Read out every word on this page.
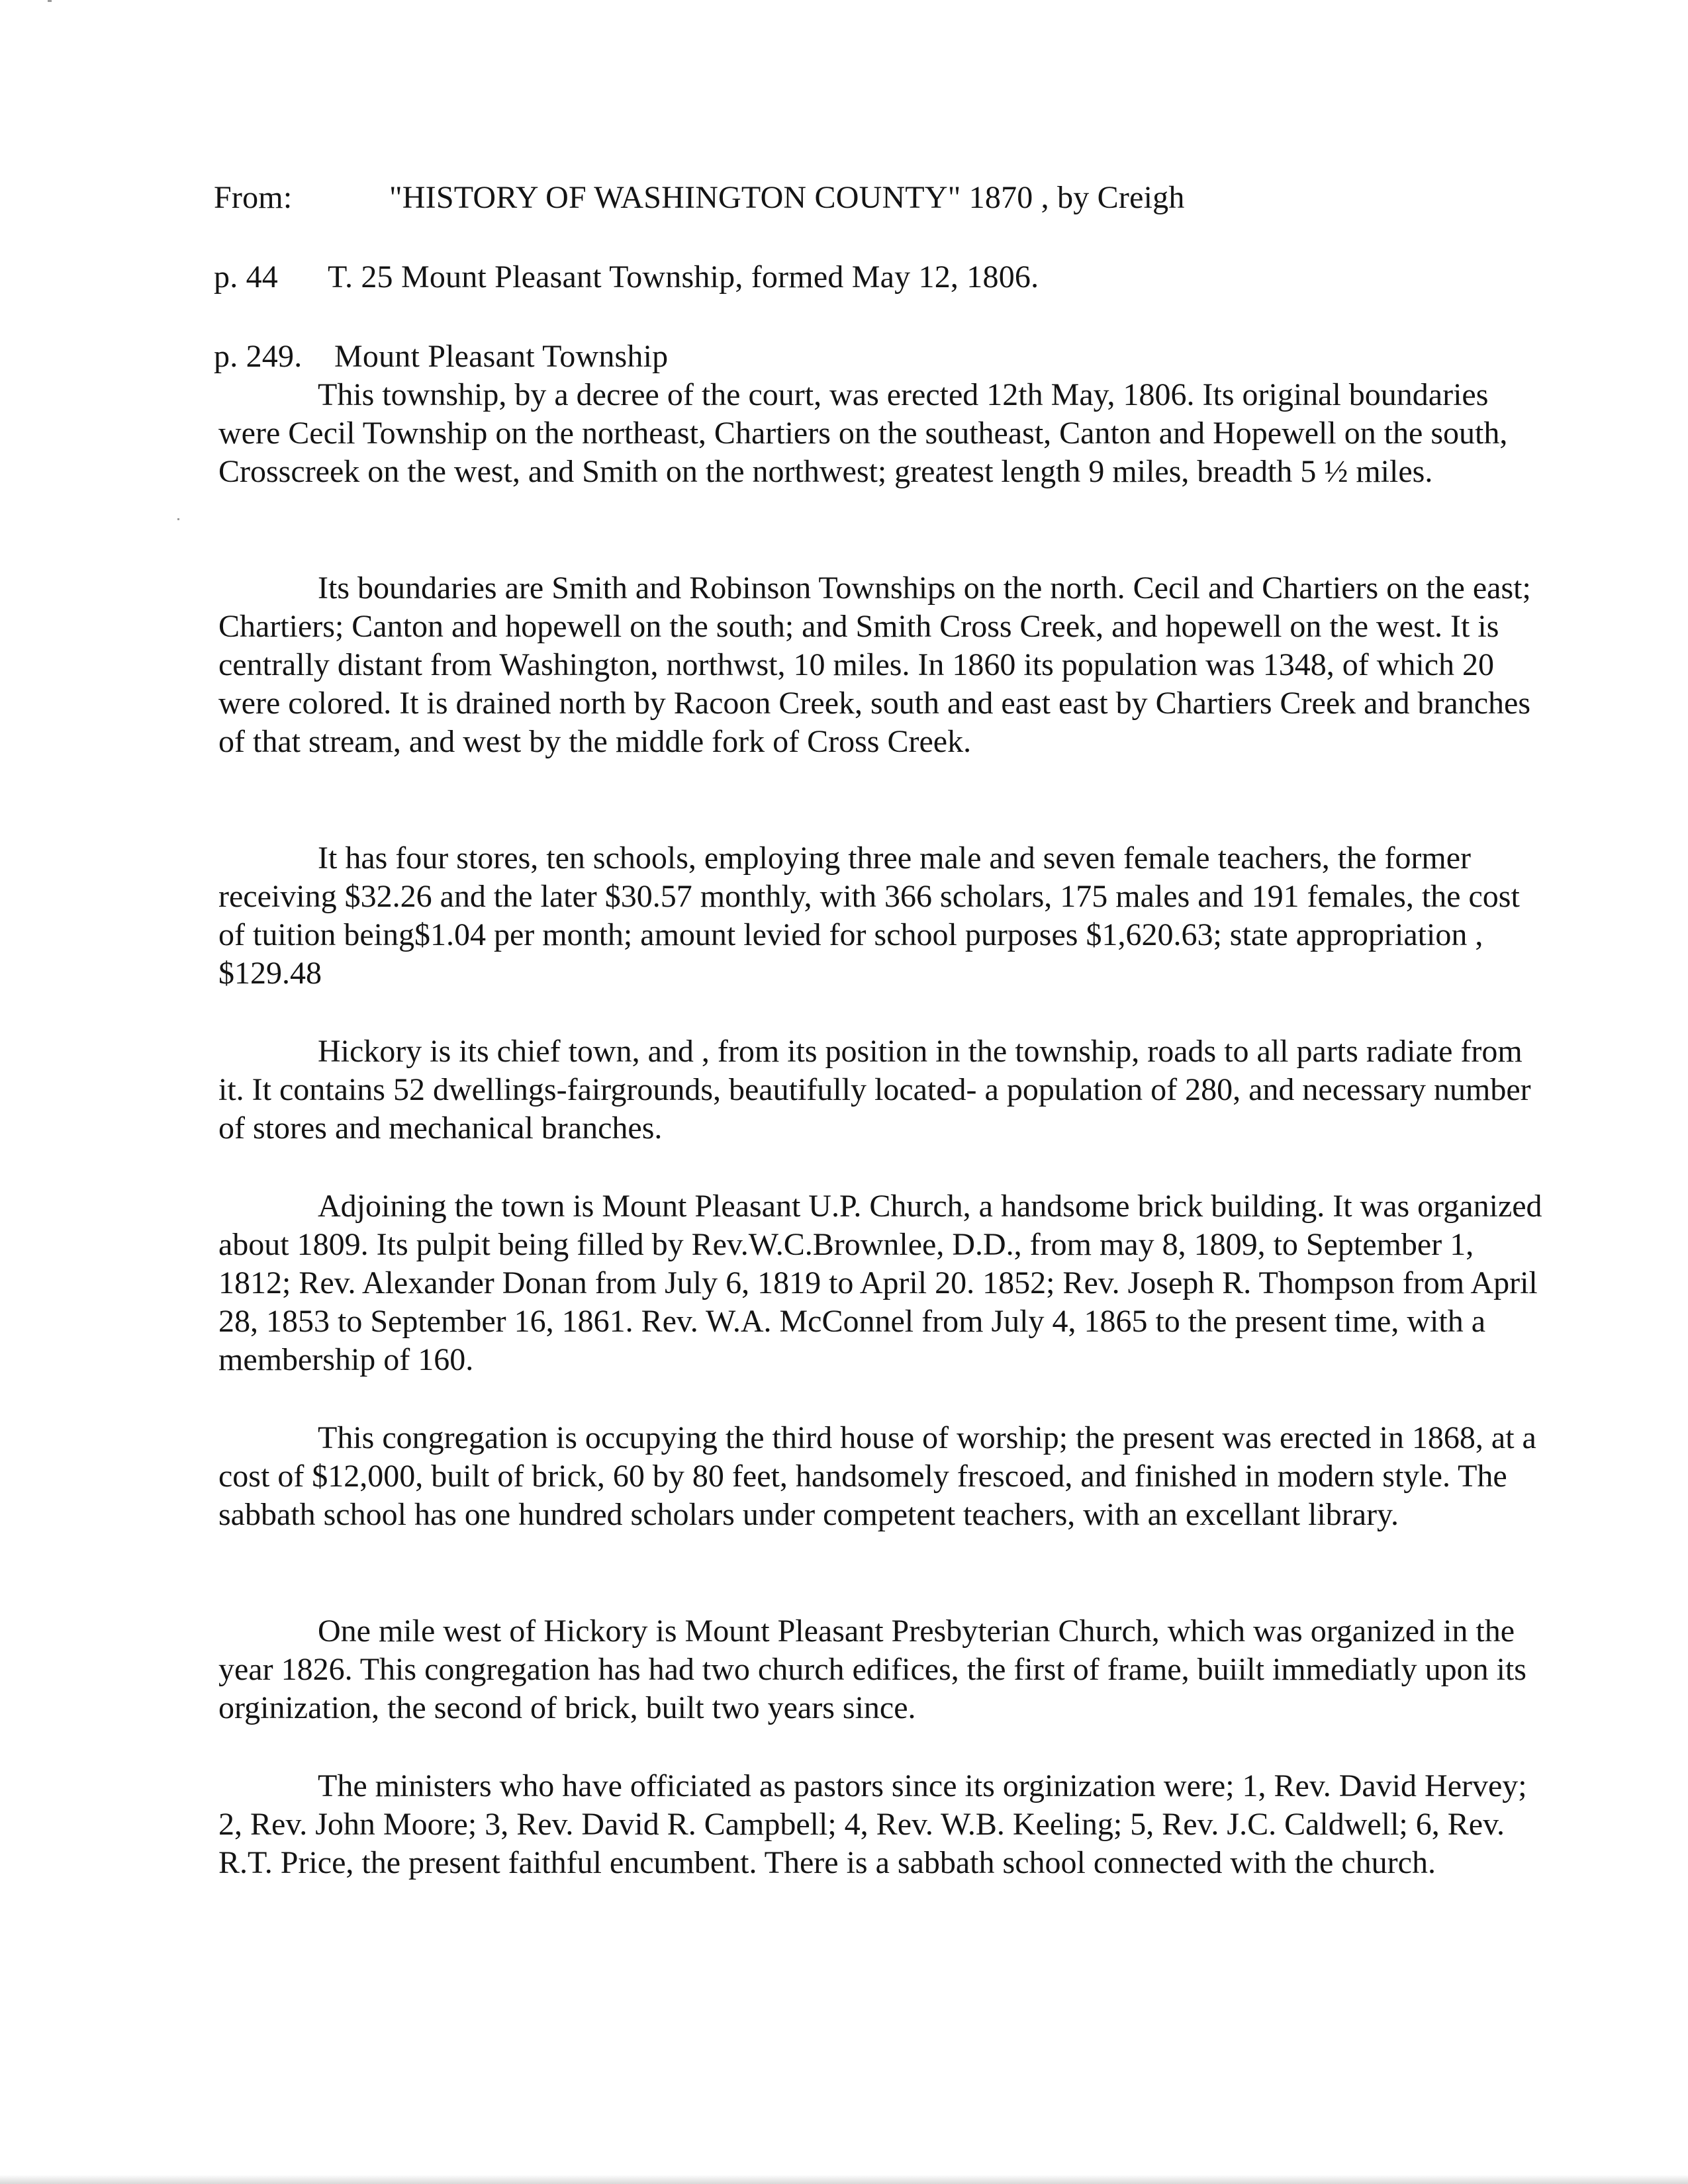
From:	"HISTORY OF WASHINGTON COUNTY" 1870 , by Creigh
p. 44 T. 25 Mount Pleasant Township, formed May 12, 1806.
p. 249. Mount Pleasant Township

This township, by a decree of the court, was erected 12th May, 1806. Its original boundaries were Cecil Township on the northeast, Chartiers on the southeast, Canton and Hopewell on the south, Crosscreek on the west, and Smith on the northwest; greatest length 9 miles, breadth 5 ½ miles.

Its boundaries are Smith and Robinson Townships on the north. Cecil and Chartiers on the east; Chartiers; Canton and hopewell on the south; and Smith Cross Creek, and hopewell on the west. It is centrally distant from Washington, northwst, 10 miles. In 1860 its population was 1348, of which 20 were colored. It is drained north by Racoon Creek, south and east east by Chartiers Creek and branches of that stream, and west by the middle fork of Cross Creek.

It has four stores, ten schools, employing three male and seven female teachers, the former receiving $32.26 and the later $30.57 monthly, with 366 scholars, 175 males and 191 females, the cost of tuition being$1.04 per month; amount levied for school purposes $1,620.63; state appropriation , $129.48

Hickory is its chief town, and , from its position in the township, roads to all parts radiate from it. It contains 52 dwellings-fairgrounds, beautifully located- a population of 280, and necessary number of stores and mechanical branches.

Adjoining the town is Mount Pleasant U.P. Church, a handsome brick building. It was organized about 1809. Its pulpit being filled by Rev.W.C.Brownlee, D.D., from may 8, 1809, to September 1, 1812; Rev. Alexander Donan from July 6, 1819 to April 20. 1852; Rev. Joseph R. Thompson from April 28, 1853 to September 16, 1861. Rev. W.A. McConnel from July 4, 1865 to the present time, with a membership of 160.

This congregation is occupying the third house of worship; the present was erected in 1868, at a cost of $12,000, built of brick, 60 by 80 feet, handsomely frescoed, and finished in modern style. The sabbath school has one hundred scholars under competent teachers, with an excellant library.

One mile west of Hickory is Mount Pleasant Presbyterian Church, which was organized in the year 1826. This congregation has had two church edifices, the first of frame, buiilt immediatly upon its orginization, the second of brick, built two years since.

The ministers who have officiated as pastors since its orginization were; 1, Rev. David Hervey; 2, Rev. John Moore; 3, Rev. David R. Campbell; 4, Rev. W.B. Keeling; 5, Rev. J.C. Caldwell; 6, Rev. R.T. Price, the present faithful encumbent. There is a sabbath school connected with the church.
